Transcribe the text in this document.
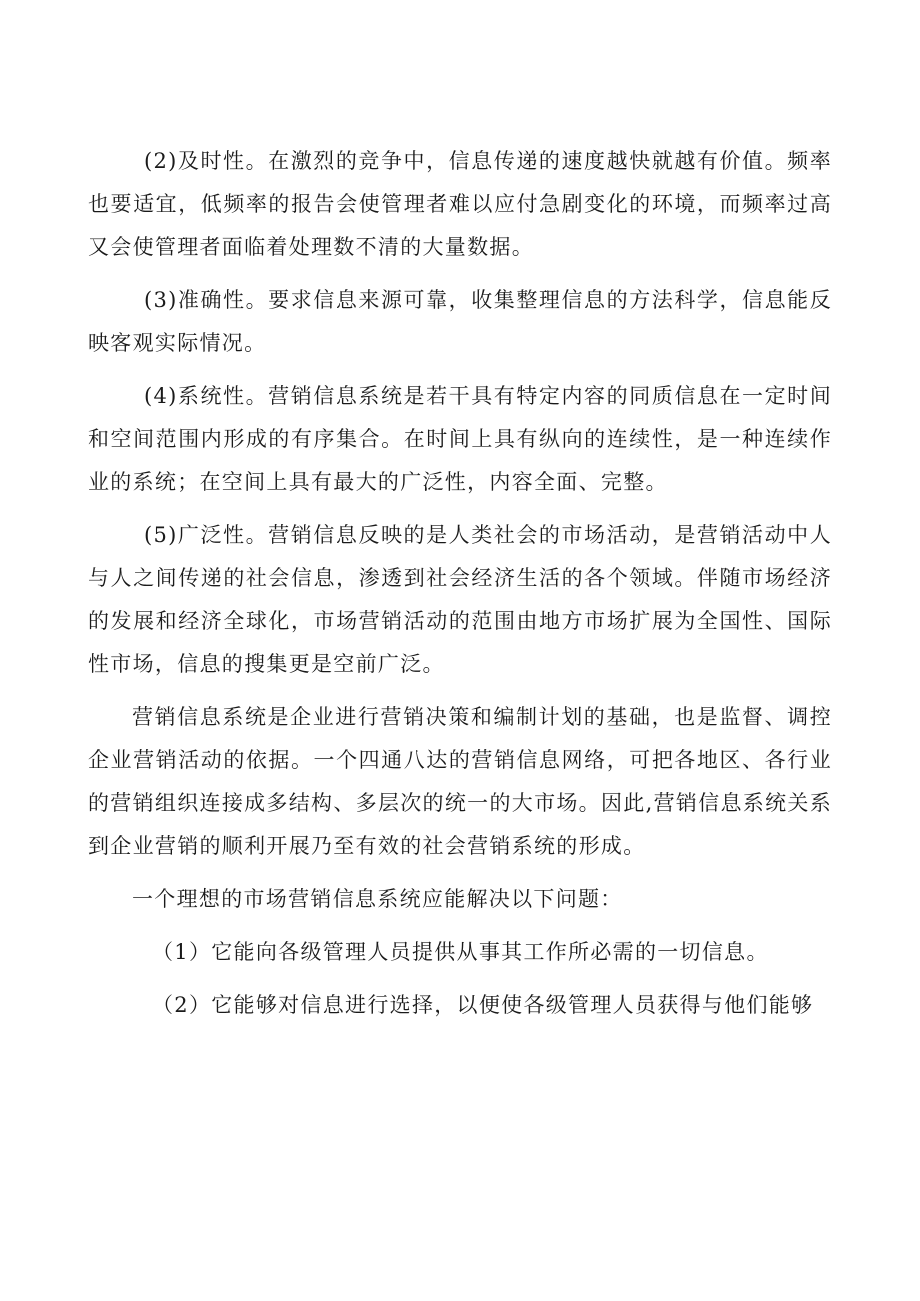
(2)及时性。在激烈的竞争中，信息传递的速度越快就越有价值。频率也要适宜，低频率的报告会使管理者难以应付急剧变化的环境，而频率过高又会使管理者面临着处理数不清的大量数据。

(3)准确性。要求信息来源可靠，收集整理信息的方法科学，信息能反映客观实际情况。

(4)系统性。营销信息系统是若干具有特定内容的同质信息在一定时间和空间范围内形成的有序集合。在时间上具有纵向的连续性，是一种连续作业的系统；在空间上具有最大的广泛性，内容全面、完整。

(5)广泛性。营销信息反映的是人类社会的市场活动，是营销活动中人与人之间传递的社会信息，渗透到社会经济生活的各个领域。伴随市场经济的发展和经济全球化，市场营销活动的范围由地方市场扩展为全国性、国际性市场，信息的搜集更是空前广泛。

营销信息系统是企业进行营销决策和编制计划的基础，也是监督、调控企业营销活动的依据。一个四通八达的营销信息网络，可把各地区、各行业的营销组织连接成多结构、多层次的统一的大市场。因此,营销信息系统关系到企业营销的顺利开展乃至有效的社会营销系统的形成。

一个理想的市场营销信息系统应能解决以下问题：

（1）它能向各级管理人员提供从事其工作所必需的一切信息。

（2）它能够对信息进行选择，以便使各级管理人员获得与他们能够
